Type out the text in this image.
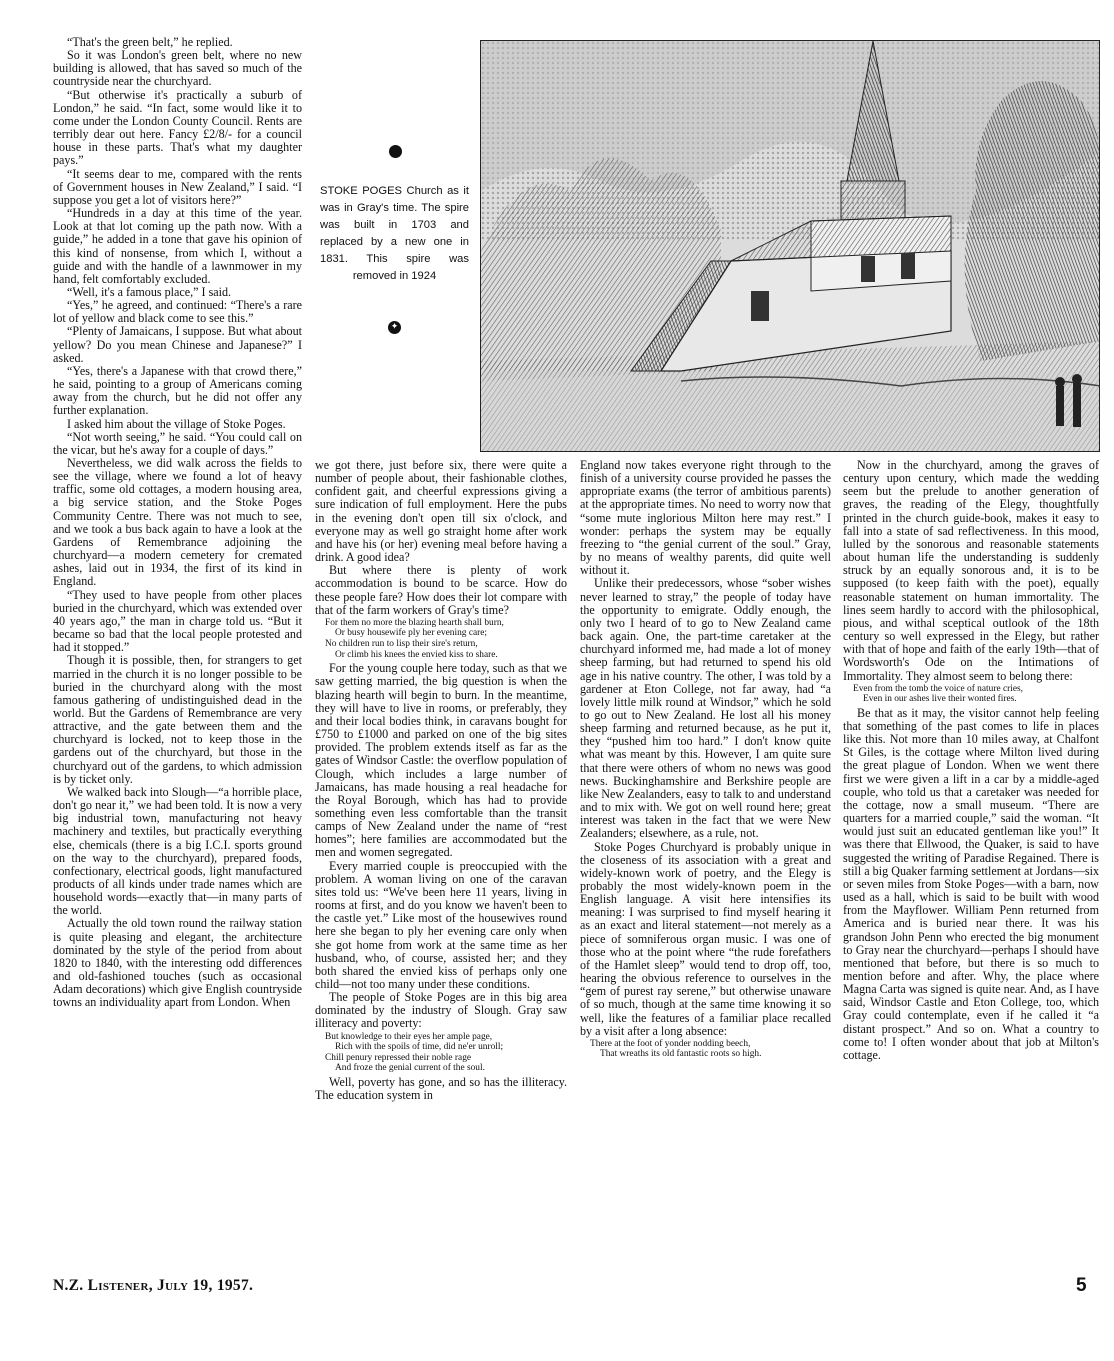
STOKE POGES Church as it was in Gray's time. The spire was built in 1703 and replaced by a new one in 1831. This spire was removed in 1924
✦

“That's the green belt,” he replied.

So it was London's green belt, where no new building is allowed, that has saved so much of the countryside near the churchyard.

“But otherwise it's practically a suburb of London,” he said. “In fact, some would like it to come under the London County Council. Rents are terribly dear out here. Fancy £2/8/- for a council house in these parts. That's what my daughter pays.”

“It seems dear to me, compared with the rents of Government houses in New Zealand,” I said. “I suppose you get a lot of visitors here?”

“Hundreds in a day at this time of the year. Look at that lot coming up the path now. With a guide,” he added in a tone that gave his opinion of this kind of nonsense, from which I, without a guide and with the handle of a lawnmower in my hand, felt comfortably excluded.

“Well, it's a famous place,” I said.

“Yes,” he agreed, and continued: “There's a rare lot of yellow and black come to see this.”

“Plenty of Jamaicans, I suppose. But what about yellow? Do you mean Chinese and Japanese?” I asked.

“Yes, there's a Japanese with that crowd there,” he said, pointing to a group of Americans coming away from the church, but he did not offer any further explanation.

I asked him about the village of Stoke Poges.

“Not worth seeing,” he said. “You could call on the vicar, but he's away for a couple of days.”

Nevertheless, we did walk across the fields to see the village, where we found a lot of heavy traffic, some old cottages, a modern housing area, a big service station, and the Stoke Poges Community Centre. There was not much to see, and we took a bus back again to have a look at the Gardens of Remembrance adjoining the churchyard—a modern cemetery for cremated ashes, laid out in 1934, the first of its kind in England.

“They used to have people from other places buried in the churchyard, which was extended over 40 years ago,” the man in charge told us. “But it became so bad that the local people protested and had it stopped.”

Though it is possible, then, for strangers to get married in the church it is no longer possible to be buried in the churchyard along with the most famous gathering of undistinguished dead in the world. But the Gardens of Remembrance are very attractive, and the gate between them and the churchyard is locked, not to keep those in the gardens out of the churchyard, but those in the churchyard out of the gardens, to which admission is by ticket only.

We walked back into Slough—“a horrible place, don't go near it,” we had been told. It is now a very big industrial town, manufacturing not heavy machinery and textiles, but practically everything else, chemicals (there is a big I.C.I. sports ground on the way to the churchyard), prepared foods, confectionary, electrical goods, light manufactured products of all kinds under trade names which are household words—exactly that—in many parts of the world.

Actually the old town round the railway station is quite pleasing and elegant, the architecture dominated by the style of the period from about 1820 to 1840, with the interesting odd differences and old-fashioned touches (such as occasional Adam decorations) which give English countryside towns an individuality apart from London. When

we got there, just before six, there were quite a number of people about, their fashionable clothes, confident gait, and cheerful expressions giving a sure indication of full employment. Here the pubs in the evening don't open till six o'clock, and everyone may as well go straight home after work and have his (or her) evening meal before having a drink. A good idea?

But where there is plenty of work accommodation is bound to be scarce. How do these people fare? How does their lot compare with that of the farm workers of Gray's time?

For them no more the blazing hearth shall burn,
Or busy housewife ply her evening care;
No children run to lisp their sire's return,
Or climb his knees the envied kiss to share.

For the young couple here today, such as that we saw getting married, the big question is when the blazing hearth will begin to burn. In the meantime, they will have to live in rooms, or preferably, they and their local bodies think, in caravans bought for £750 to £1000 and parked on one of the big sites provided. The problem extends itself as far as the gates of Windsor Castle: the overflow population of Clough, which includes a large number of Jamaicans, has made housing a real headache for the Royal Borough, which has had to provide something even less comfortable than the transit camps of New Zealand under the name of “rest homes”; here families are accommodated but the men and women segregated.

Every married couple is preoccupied with the problem. A woman living on one of the caravan sites told us: “We've been here 11 years, living in rooms at first, and do you know we haven't been to the castle yet.” Like most of the housewives round here she began to ply her evening care only when she got home from work at the same time as her husband, who, of course, assisted her; and they both shared the envied kiss of perhaps only one child—not too many under these conditions.

The people of Stoke Poges are in this big area dominated by the industry of Slough. Gray saw illiteracy and poverty:

But knowledge to their eyes her ample page,
Rich with the spoils of time, did ne'er unroll;
Chill penury repressed their noble rage
And froze the genial current of the soul.

Well, poverty has gone, and so has the illiteracy. The education system in

England now takes everyone right through to the finish of a university course provided he passes the appropriate exams (the terror of ambitious parents) at the appropriate times. No need to worry now that “some mute inglorious Milton here may rest.” I wonder: perhaps the system may be equally freezing to “the genial current of the soul.” Gray, by no means of wealthy parents, did quite well without it.

Unlike their predecessors, whose “sober wishes never learned to stray,” the people of today have the opportunity to emigrate. Oddly enough, the only two I heard of to go to New Zealand came back again. One, the part-time caretaker at the churchyard informed me, had made a lot of money sheep farming, but had returned to spend his old age in his native country. The other, I was told by a gardener at Eton College, not far away, had “a lovely little milk round at Windsor,” which he sold to go out to New Zealand. He lost all his money sheep farming and returned because, as he put it, they “pushed him too hard.” I don't know quite what was meant by this. However, I am quite sure that there were others of whom no news was good news. Buckinghamshire and Berkshire people are like New Zealanders, easy to talk to and understand and to mix with. We got on well round here; great interest was taken in the fact that we were New Zealanders; elsewhere, as a rule, not.

Stoke Poges Churchyard is probably unique in the closeness of its association with a great and widely-known work of poetry, and the Elegy is probably the most widely-known poem in the English language. A visit here intensifies its meaning: I was surprised to find myself hearing it as an exact and literal statement—not merely as a piece of somniferous organ music. I was one of those who at the point where “the rude forefathers of the Hamlet sleep” would tend to drop off, too, hearing the obvious reference to ourselves in the “gem of purest ray serene,” but otherwise unaware of so much, though at the same time knowing it so well, like the features of a familiar place recalled by a visit after a long absence:

There at the foot of yonder nodding beech,
That wreaths its old fantastic roots so high.

Now in the churchyard, among the graves of century upon century, which made the wedding seem but the prelude to another generation of graves, the reading of the Elegy, thoughtfully printed in the church guide-book, makes it easy to fall into a state of sad reflectiveness. In this mood, lulled by the sonorous and reasonable statements about human life the understanding is suddenly struck by an equally sonorous and, it is to be supposed (to keep faith with the poet), equally reasonable statement on human immortality. The lines seem hardly to accord with the philosophical, pious, and withal sceptical outlook of the 18th century so well expressed in the Elegy, but rather with that of hope and faith of the early 19th—that of Wordsworth's Ode on the Intimations of Immortality. They almost seem to belong there:

Even from the tomb the voice of nature cries,
Even in our ashes live their wonted fires.

Be that as it may, the visitor cannot help feeling that something of the past comes to life in places like this. Not more than 10 miles away, at Chalfont St Giles, is the cottage where Milton lived during the great plague of London. When we went there first we were given a lift in a car by a middle-aged couple, who told us that a caretaker was needed for the cottage, now a small museum. “There are quarters for a married couple,” said the woman. “It would just suit an educated gentleman like you!” It was there that Ellwood, the Quaker, is said to have suggested the writing of Paradise Regained. There is still a big Quaker farming settlement at Jordans—six or seven miles from Stoke Poges—with a barn, now used as a hall, which is said to be built with wood from the Mayflower. William Penn returned from America and is buried near there. It was his grandson John Penn who erected the big monument to Gray near the churchyard—perhaps I should have mentioned that before, but there is so much to mention before and after. Why, the place where Magna Carta was signed is quite near. And, as I have said, Windsor Castle and Eton College, too, which Gray could contemplate, even if he called it “a distant prospect.” And so on. What a country to come to! I often wonder about that job at Milton's cottage.

N.Z. Listener, July 19, 1957.	5
